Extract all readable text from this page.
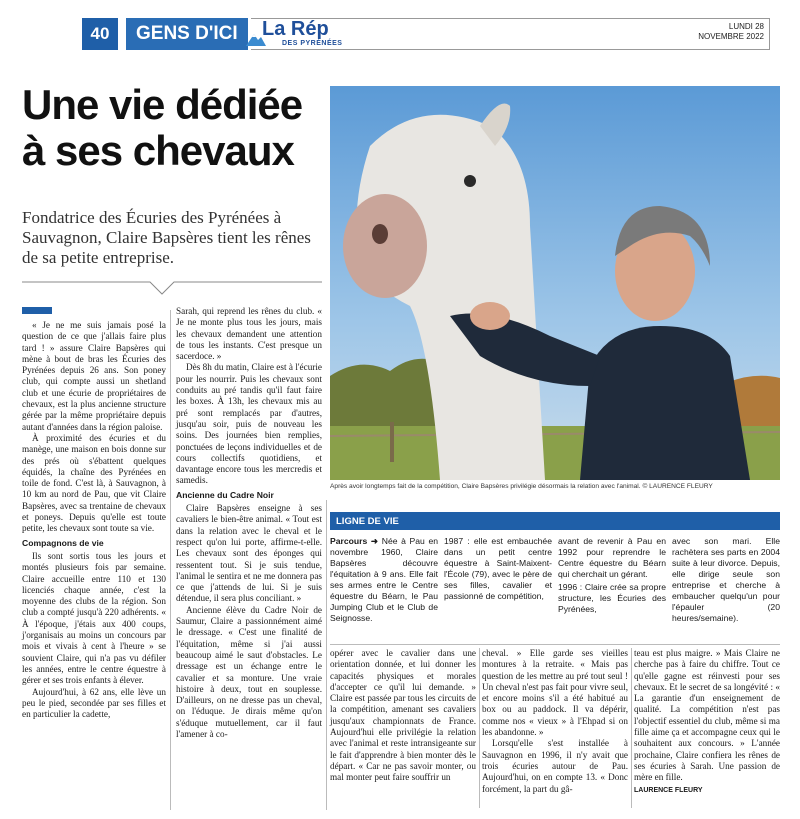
40	GENS D'ICI	La Rép
DES PYRÉNÉES
LUNDI 28
NOVEMBRE 2022
Une vie dédiée
à ses chevaux
Fondatrice des Écuries des Pyrénées à Sauvagnon, Claire Bapsères tient les rênes de sa petite entreprise.
Après avoir longtemps fait de la compétition, Claire Bapsères privilégie désormais la relation avec l'animal. © LAURENCE FLEURY

« Je ne me suis jamais posé la question de ce que j'allais faire plus tard ! » assure Claire Bapsères qui mène à bout de bras les Écuries des Pyrénées depuis 26 ans. Son poney club, qui compte aussi un shetland club et une écurie de propriétaires de chevaux, est la plus ancienne structure gérée par la même propriétaire depuis autant d'années dans la région paloise.

À proximité des écuries et du manège, une maison en bois donne sur des prés où s'ébattent quelques équidés, la chaîne des Pyrénées en toile de fond. C'est là, à Sauvagnon, à 10 km au nord de Pau, que vit Claire Bapsères, avec sa trentaine de chevaux et poneys. Depuis qu'elle est toute petite, les chevaux sont toute sa vie.

Compagnons de vie

Ils sont sortis tous les jours et montés plusieurs fois par semaine. Claire accueille entre 110 et 130 licenciés chaque année, c'est la moyenne des clubs de la région. Son club a compté jusqu'à 220 adhérents. « À l'époque, j'étais aux 400 coups, j'organisais au moins un concours par mois et vivais à cent à l'heure » se souvient Claire, qui n'a pas vu défiler les années, entre le centre équestre à gérer et ses trois enfants à élever.

Aujourd'hui, à 62 ans, elle lève un peu le pied, secondée par ses filles et en particulier la cadette,

Sarah, qui reprend les rênes du club. « Je ne monte plus tous les jours, mais les chevaux demandent une attention de tous les instants. C'est presque un sacerdoce. »

Dès 8h du matin, Claire est à l'écurie pour les nourrir. Puis les chevaux sont conduits au pré tandis qu'il faut faire les boxes. À 13h, les chevaux mis au pré sont remplacés par d'autres, jusqu'au soir, puis de nouveau les soins. Des journées bien remplies, ponctuées de leçons individuelles et de cours collectifs quotidiens, et davantage encore tous les mercredis et samedis.

Ancienne du Cadre Noir

Claire Bapsères enseigne à ses cavaliers le bien-être animal. « Tout est dans la relation avec le cheval et le respect qu'on lui porte, affirme-t-elle. Les chevaux sont des éponges qui ressentent tout. Si je suis tendue, l'animal le sentira et ne me donnera pas ce que j'attends de lui. Si je suis détendue, il sera plus conciliant. »

Ancienne élève du Cadre Noir de Saumur, Claire a passionnément aimé le dressage. « C'est une finalité de l'équitation, même si j'ai aussi beaucoup aimé le saut d'obstacles. Le dressage est un échange entre le cavalier et sa monture. Une vraie histoire à deux, tout en souplesse. D'ailleurs, on ne dresse pas un cheval, on l'éduque. Je dirais même qu'on s'éduque mutuellement, car il faut l'amener à co-

LIGNE DE VIE
Parcours ➜ Née à Pau en novembre 1960, Claire Bapsères découvre l'équitation à 9 ans. Elle fait ses armes entre le Centre équestre du Béarn, le Pau Jumping Club et le Club de Seignosse.
1987 : elle est embauchée dans un petit centre équestre à Saint-Maixent-l'École (79), avec le père de ses filles, cavalier et passionné de compétition,
avant de revenir à Pau en 1992 pour reprendre le Centre équestre du Béarn qui cherchait un gérant.
1996 : Claire crée sa propre structure, les Écuries des Pyrénées,
avec son mari. Elle rachètera ses parts en 2004 suite à leur divorce. Depuis, elle dirige seule son entreprise et cherche à embaucher quelqu'un pour l'épauler (20 heures/semaine).

opérer avec le cavalier dans une orientation donnée, et lui donner les capacités physiques et morales d'accepter ce qu'il lui demande. » Claire est passée par tous les circuits de la compétition, amenant ses cavaliers jusqu'aux championnats de France. Aujourd'hui elle privilégie la relation avec l'animal et reste intransigeante sur le fait d'apprendre à bien monter dès le départ. « Car ne pas savoir monter, ou mal monter peut faire souffrir un

cheval. » Elle garde ses vieilles montures à la retraite. « Mais pas question de les mettre au pré tout seul ! Un cheval n'est pas fait pour vivre seul, et encore moins s'il a été habitué au box ou au paddock. Il va dépérir, comme nos « vieux » à l'Ehpad si on les abandonne. »

Lorsqu'elle s'est installée à Sauvagnon en 1996, il n'y avait que trois écuries autour de Pau. Aujourd'hui, on en compte 13. « Donc forcément, la part du gâ-

teau est plus maigre. » Mais Claire ne cherche pas à faire du chiffre. Tout ce qu'elle gagne est réinvesti pour ses chevaux. Et le secret de sa longévité : « La garantie d'un enseignement de qualité. La compétition n'est pas l'objectif essentiel du club, même si ma fille aime ça et accompagne ceux qui le souhaitent aux concours. » L'année prochaine, Claire confiera les rênes de ses écuries à Sarah. Une passion de mère en fille.

LAURENCE FLEURY
